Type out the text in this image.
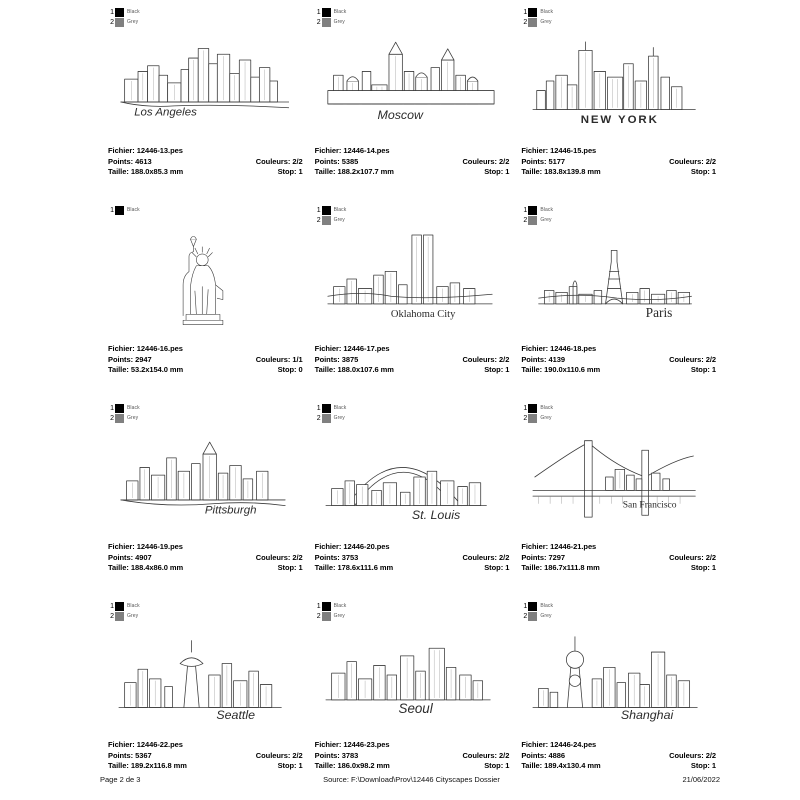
1	Black
2	Grey
Los Angeles
Fichier: 12446-13.pes
Points: 4613	Couleurs: 2/2
Taille: 188.0x85.3 mm	Stop: 1
1	Black
2	Grey
Moscow
Fichier: 12446-14.pes
Points: 5385	Couleurs: 2/2
Taille: 188.2x107.7 mm	Stop: 1
1	Black
2	Grey
NEW YORK
Fichier: 12446-15.pes
Points: 5177	Couleurs: 2/2
Taille: 183.8x139.8 mm	Stop: 1
1	Black
Fichier: 12446-16.pes
Points: 2947	Couleurs: 1/1
Taille: 53.2x154.0 mm	Stop: 0
1	Black
2	Grey
Oklahoma City
Fichier: 12446-17.pes
Points: 3875	Couleurs: 2/2
Taille: 188.0x107.6 mm	Stop: 1
1	Black
2	Grey
Paris
Fichier: 12446-18.pes
Points: 4139	Couleurs: 2/2
Taille: 190.0x110.6 mm	Stop: 1
1	Black
2	Grey
Pittsburgh
Fichier: 12446-19.pes
Points: 4907	Couleurs: 2/2
Taille: 188.4x86.0 mm	Stop: 1
1	Black
2	Grey
St. Louis
Fichier: 12446-20.pes
Points: 3753	Couleurs: 2/2
Taille: 178.6x111.6 mm	Stop: 1
1	Black
2	Grey
San Francisco
Fichier: 12446-21.pes
Points: 7297	Couleurs: 2/2
Taille: 186.7x111.8 mm	Stop: 1
1	Black
2	Grey
Seattle
Fichier: 12446-22.pes
Points: 5367	Couleurs: 2/2
Taille: 189.2x116.8 mm	Stop: 1
1	Black
2	Grey
Seoul
Fichier: 12446-23.pes
Points: 3783	Couleurs: 2/2
Taille: 186.0x98.2 mm	Stop: 1
1	Black
2	Grey
Shanghai
Fichier: 12446-24.pes
Points: 4886	Couleurs: 2/2
Taille: 189.4x130.4 mm	Stop: 1
Page 2 de 3	Source: F:\Download\Prov\12446 Cityscapes Dossier	21/06/2022
